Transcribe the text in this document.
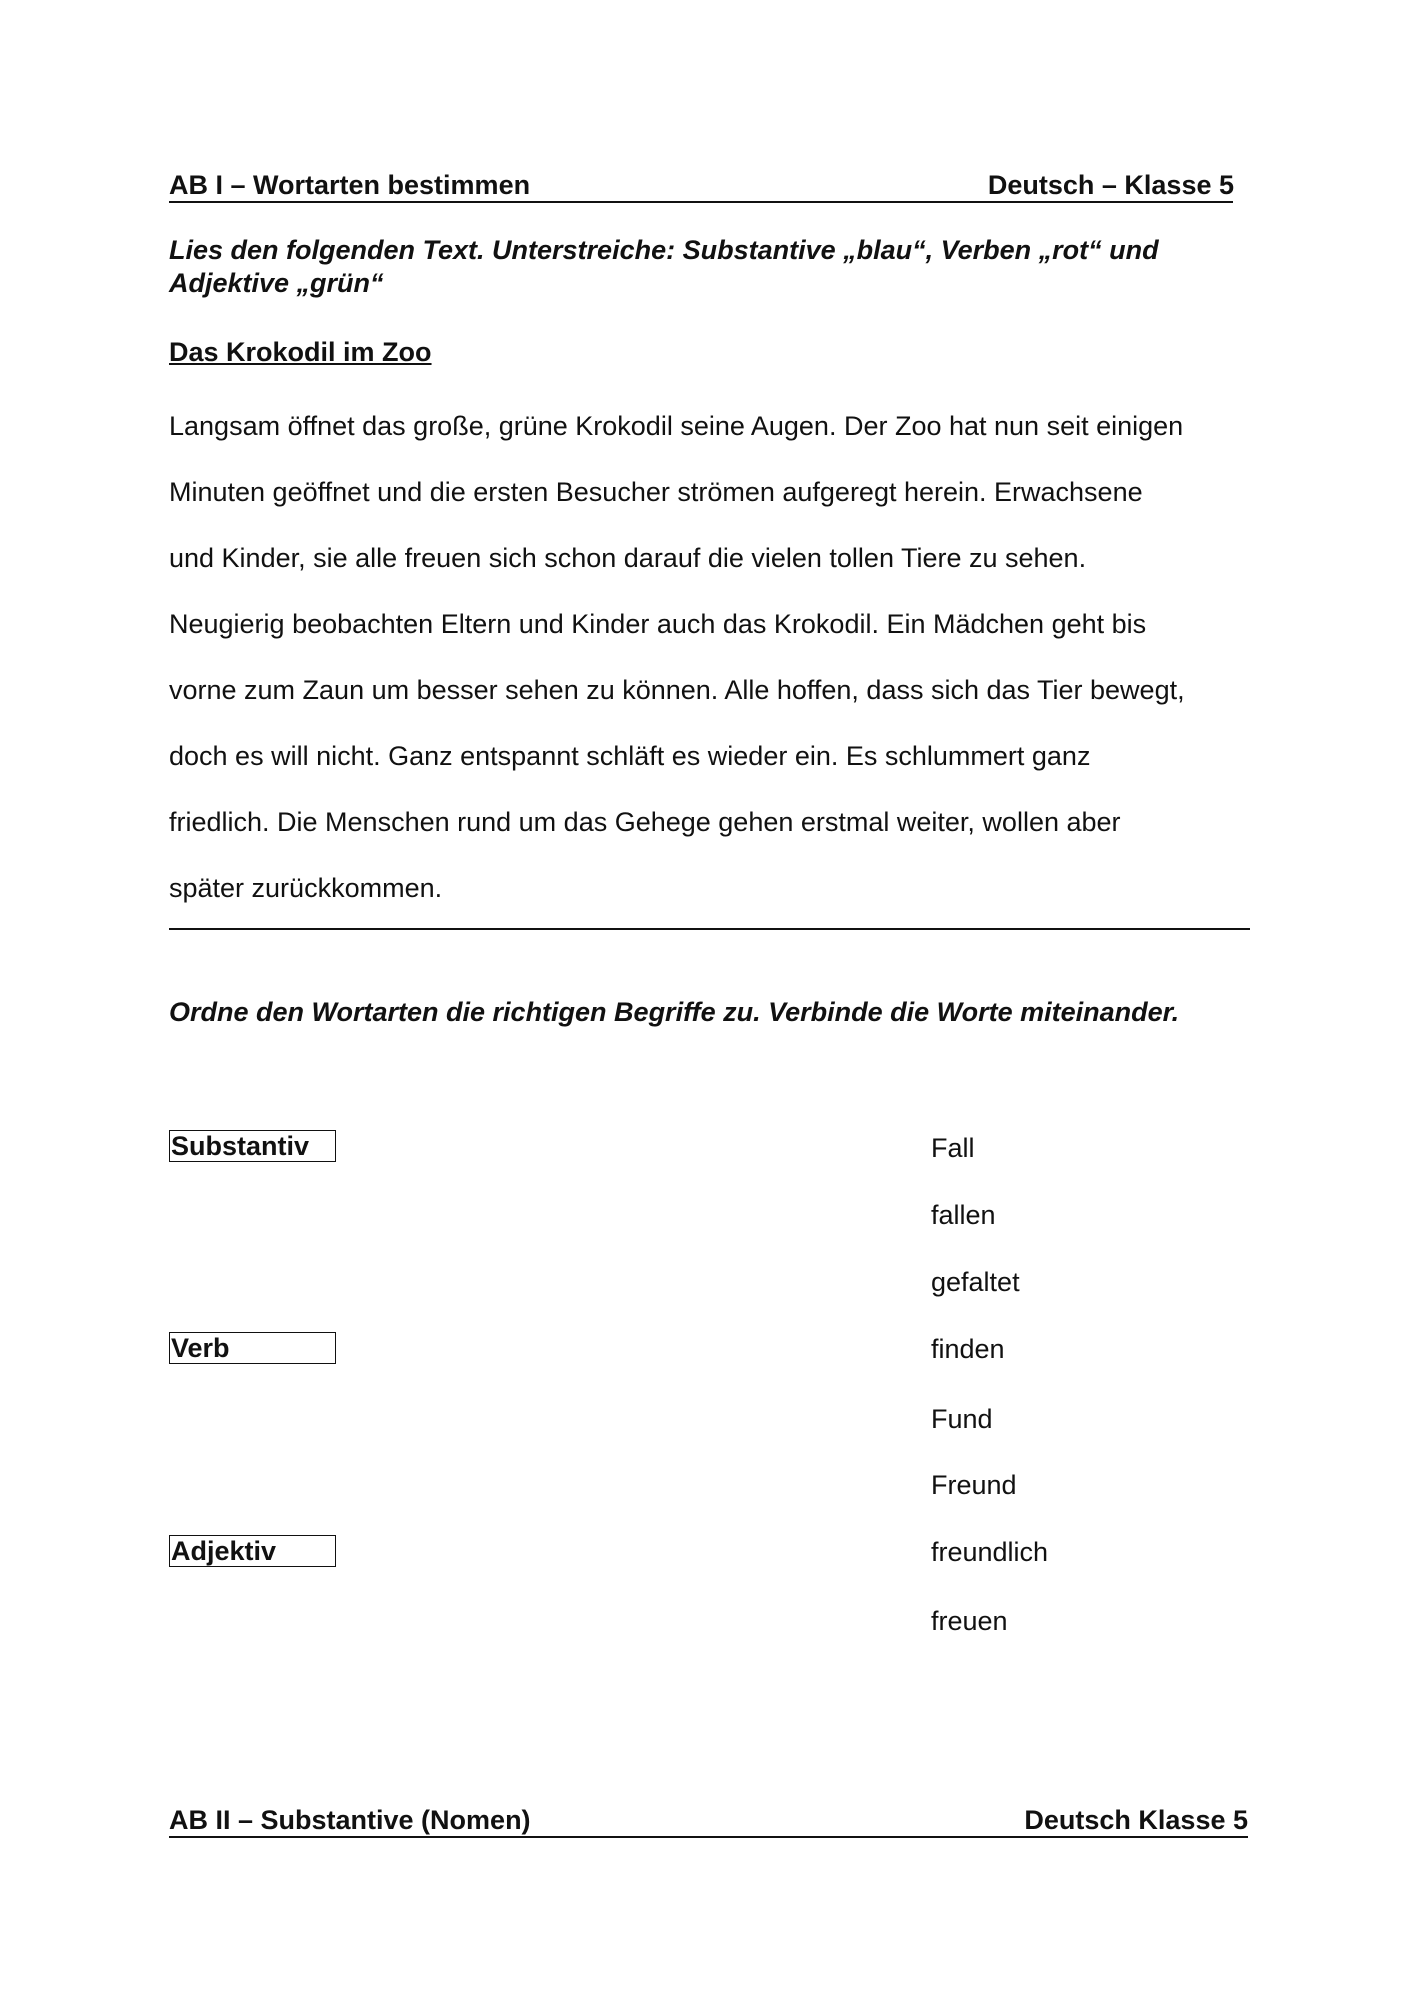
AB I – Wortarten bestimmen	Deutsch – Klasse 5
Lies den folgenden Text. Unterstreiche: Substantive „blau“, Verben „rot“ und Adjektive „grün“
Das Krokodil im Zoo
Langsam öffnet das große, grüne Krokodil seine Augen. Der Zoo hat nun seit einigen
Minuten geöffnet und die ersten Besucher strömen aufgeregt herein. Erwachsene
und Kinder, sie alle freuen sich schon darauf die vielen tollen Tiere zu sehen.
Neugierig beobachten Eltern und Kinder auch das Krokodil. Ein Mädchen geht bis
vorne zum Zaun um besser sehen zu können. Alle hoffen, dass sich das Tier bewegt,
doch es will nicht. Ganz entspannt schläft es wieder ein. Es schlummert ganz
friedlich. Die Menschen rund um das Gehege gehen erstmal weiter, wollen aber
später zurückkommen.
Ordne den Wortarten die richtigen Begriffe zu. Verbinde die Worte miteinander.
Substantiv
Verb
Adjektiv
Fall
fallen
gefaltet
finden
Fund
Freund
freundlich
freuen
AB II – Substantive (Nomen)	Deutsch Klasse 5
